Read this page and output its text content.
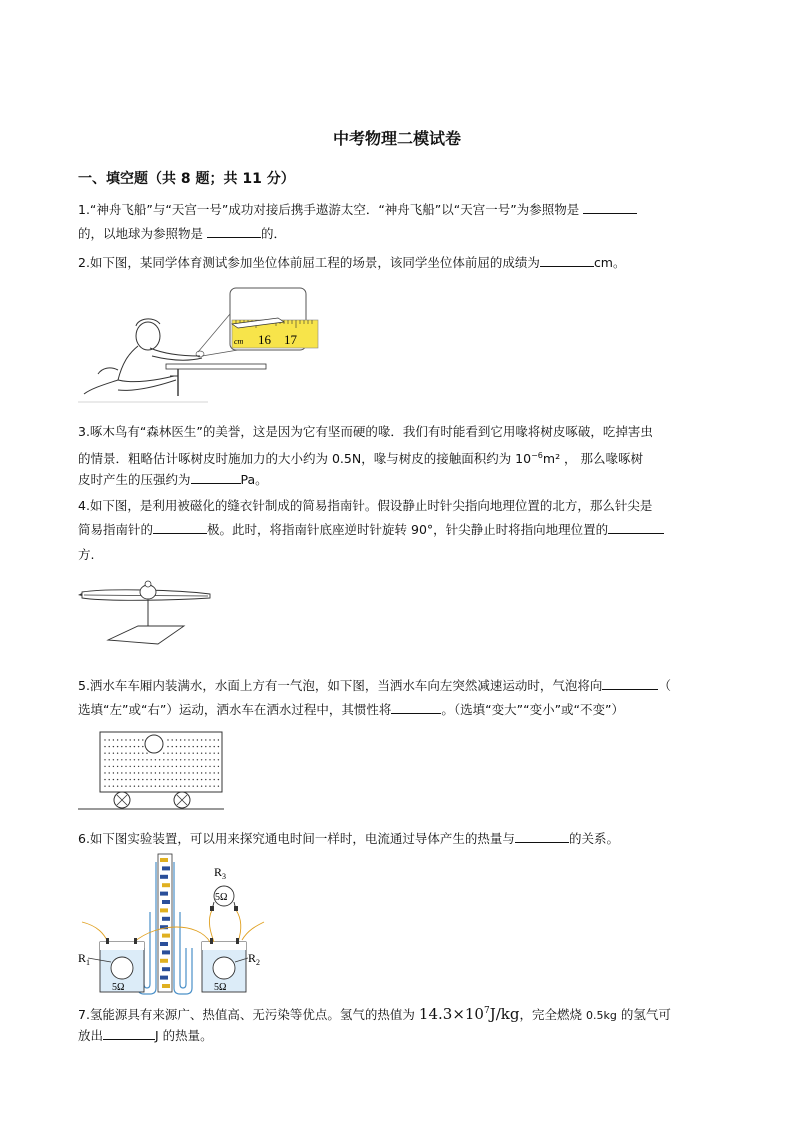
中考物理二模试卷
一、填空题（共 8 题；共 11 分）
1.“神舟飞船”与“天宫一号”成功对接后携手遨游太空．“神舟飞船”以“天宫一号”为参照物是
的，以地球为参照物是	的．
2.如下图，某同学体育测试参加坐位体前屈工程的场景，该同学坐位体前屈的成绩为	cm。
cm 16 17
3.啄木鸟有“森林医生”的美誉，这是因为它有坚而硬的喙．我们有时能看到它用喙将树皮啄破，吃掉害虫
的情景．粗略估计啄树皮时施加力的大小约为 0.5N，喙与树皮的接触面积约为 $10^{-6}m^2$ ， 那么喙啄树
皮时产生的压强约为	Pa。
4.如下图，是利用被磁化的缝衣针制成的简易指南针。假设静止时针尖指向地理位置的北方，那么针尖是
简易指南针的	极。此时，将指南针底座逆时针旋转 90°，针尖静止时将指向地理位置的
方.
5.洒水车车厢内装满水，水面上方有一气泡，如下图，当洒水车向左突然减速运动时，气泡将向	（
选填“左”或“右”）运动，洒水车在洒水过程中，其惯性将	。（选填“变大”“变小”或“不变”）
6.如下图实验装置，可以用来探究通电时间一样时，电流通过导体产生的热量与	的关系。
$R_3$
5Ω
$R_1$	$R_2$
5Ω	5Ω
7.氢能源具有来源广、热值高、无污染等优点。氢气的热值为 $14.3\times 10^7J/kg$，完全燃烧 0.5kg 的氢气可
放出	J 的热量。
